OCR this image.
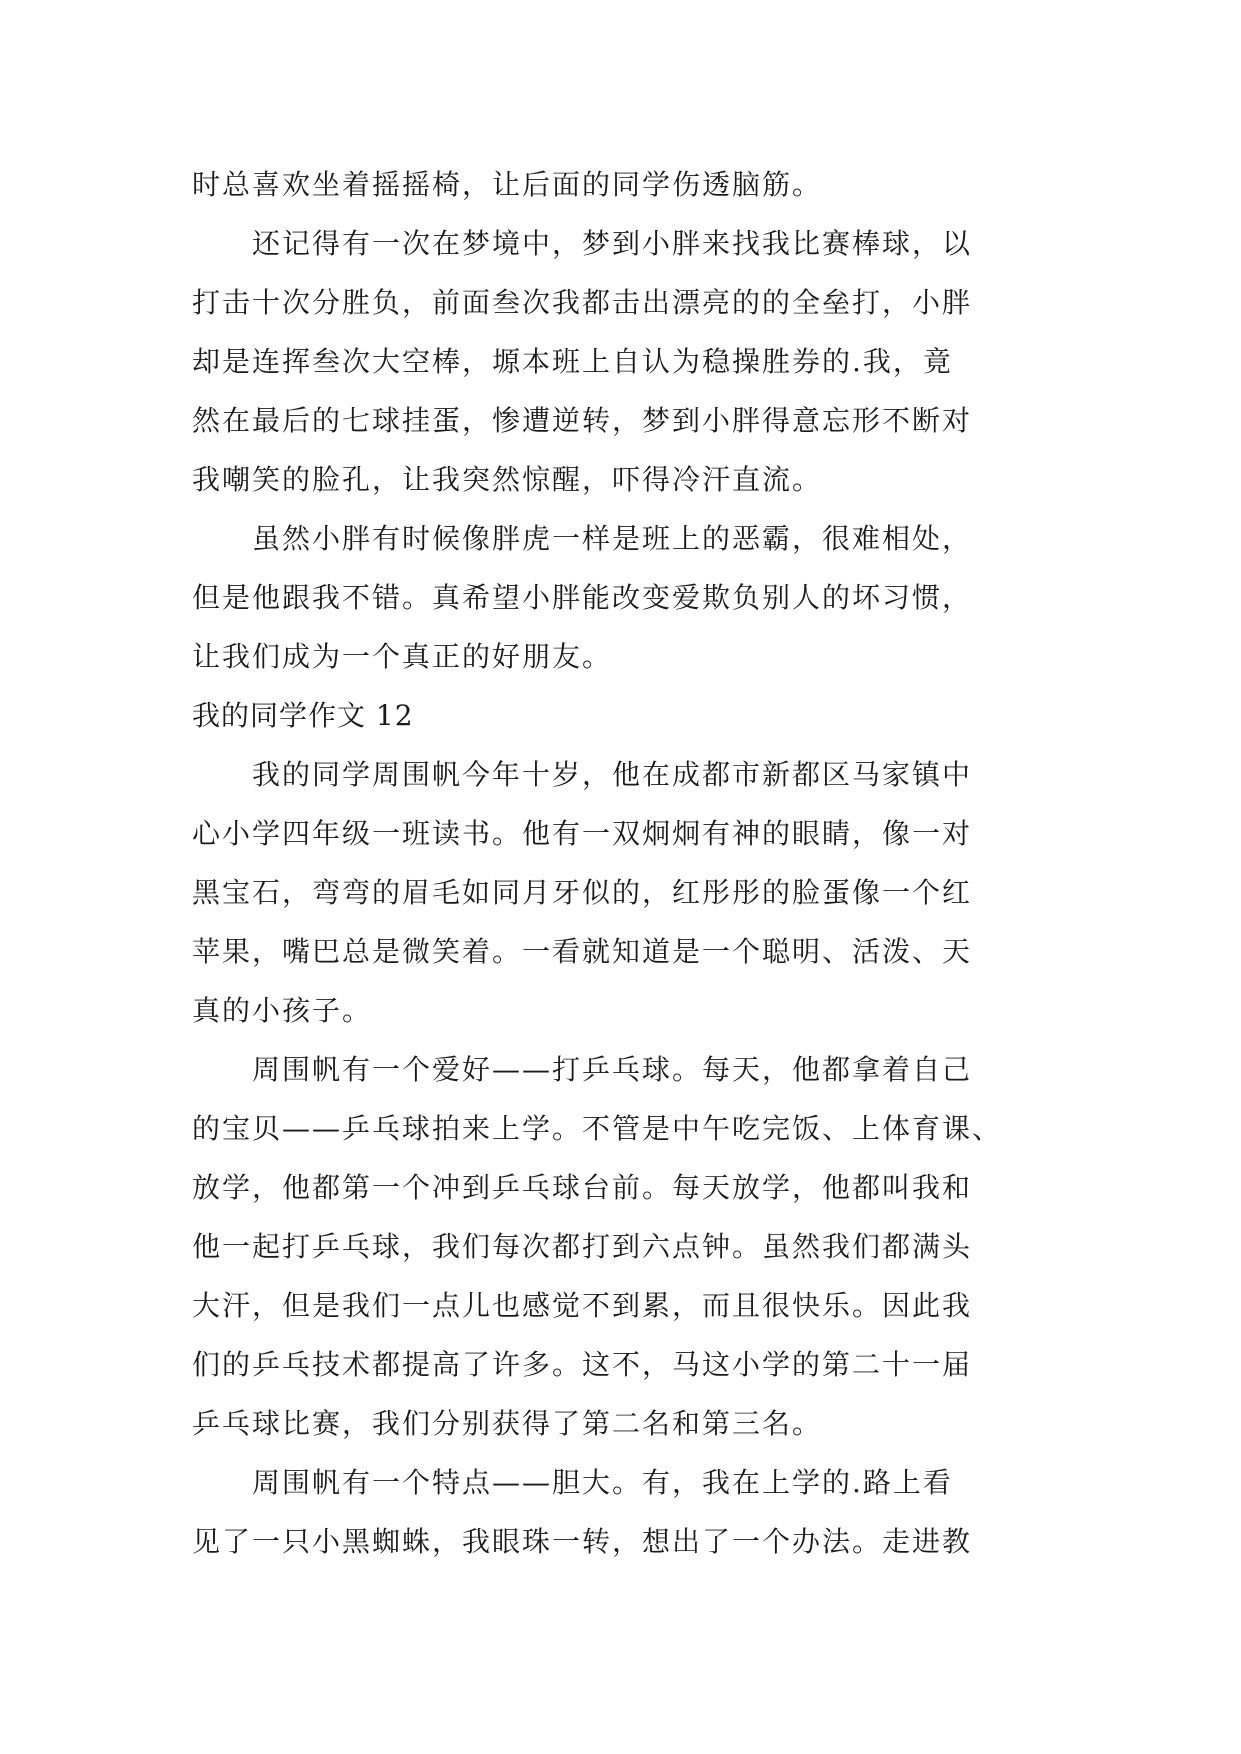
时总喜欢坐着摇摇椅，让后面的同学伤透脑筋。
还记得有一次在梦境中，梦到小胖来找我比赛棒球，以
打击十次分胜负，前面叁次我都击出漂亮的的全垒打，小胖
却是连挥叁次大空棒，塬本班上自认为稳操胜券的.我，竟
然在最后的七球挂蛋，惨遭逆转，梦到小胖得意忘形不断对
我嘲笑的脸孔，让我突然惊醒，吓得冷汗直流。
虽然小胖有时候像胖虎一样是班上的恶霸，很难相处，
但是他跟我不错。真希望小胖能改变爱欺负别人的坏习惯，
让我们成为一个真正的好朋友。
我的同学作文 12
我的同学周围帆今年十岁，他在成都市新都区马家镇中
心小学四年级一班读书。他有一双炯炯有神的眼睛，像一对
黑宝石，弯弯的眉毛如同月牙似的，红彤彤的脸蛋像一个红
苹果，嘴巴总是微笑着。一看就知道是一个聪明、活泼、天
真的小孩子。
周围帆有一个爱好——打乒乓球。每天，他都拿着自己
的宝贝——乒乓球拍来上学。不管是中午吃完饭、上体育课、
放学，他都第一个冲到乒乓球台前。每天放学，他都叫我和
他一起打乒乓球，我们每次都打到六点钟。虽然我们都满头
大汗，但是我们一点儿也感觉不到累，而且很快乐。因此我
们的乒乓技术都提高了许多。这不，马这小学的第二十一届
乒乓球比赛，我们分别获得了第二名和第三名。
周围帆有一个特点——胆大。有，我在上学的.路上看
见了一只小黑蜘蛛，我眼珠一转，想出了一个办法。走进教
